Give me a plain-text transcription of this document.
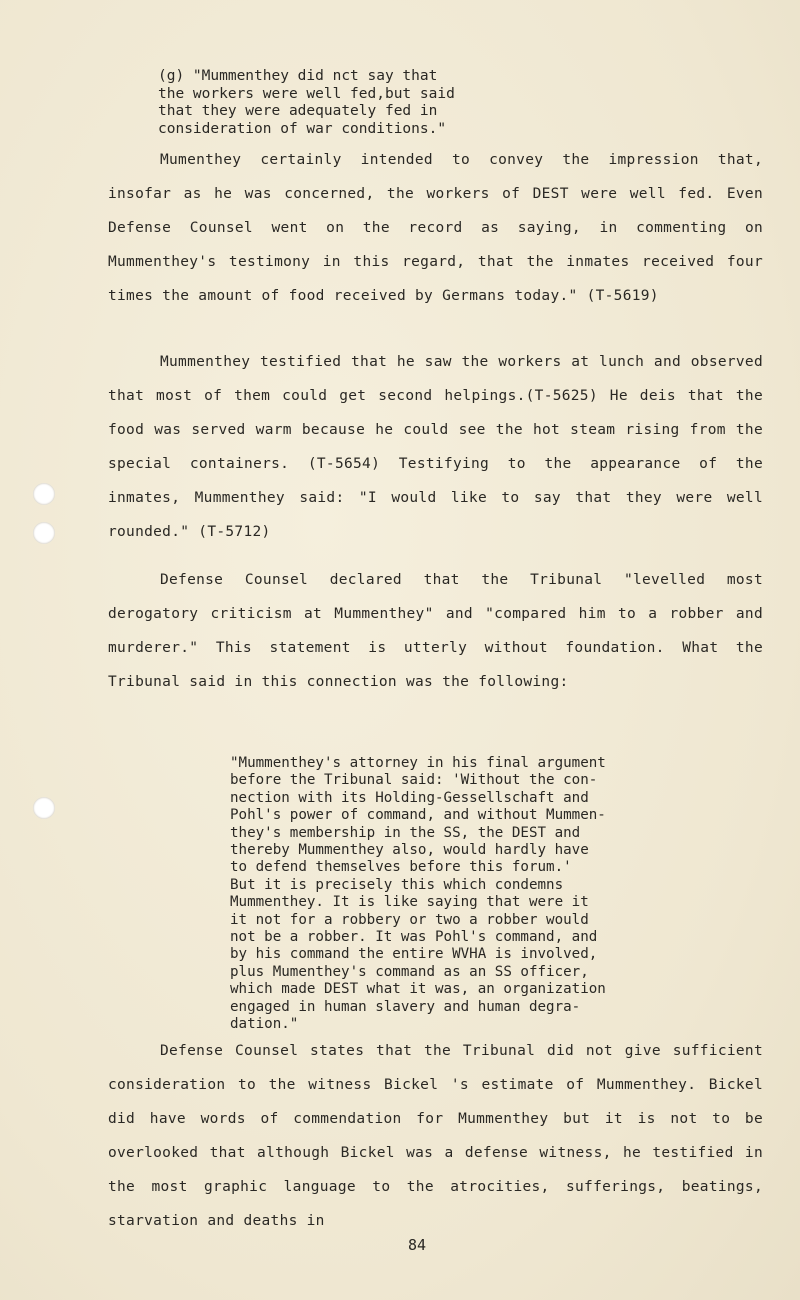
(g) "Mummenthey did nct say that
the workers were well fed,but said
that they were adequately fed in
consideration of war conditions."

Mumenthey certainly intended to convey the impression that, insofar as he was concerned, the workers of DEST were well fed. Even Defense Counsel went on the record as saying, in commenting on Mummenthey's testimony in this regard, that the inmates received four times the amount of food received by Germans today." (T-5619)

Mummenthey testified that he saw the workers at lunch and observed that most of them could get second helpings.(T-5625) He deis that the food was served warm because he could see the hot steam rising from the special containers. (T-5654) Testifying to the appearance of the inmates, Mummenthey said: "I would like to say that they were well rounded." (T-5712)

Defense Counsel declared that the Tribunal "levelled most derogatory criticism at Mummenthey" and "compared him to a robber and murderer." This statement is utterly without foundation. What the Tribunal said in this connection was the following:

"Mummenthey's attorney in his final argument
before the Tribunal said: 'Without the con-
nection with its Holding-Gessellschaft and
Pohl's power of command, and without Mummen-
they's membership in the SS, the DEST and
thereby Mummenthey also, would hardly have
to defend themselves before this forum.'
But it is precisely this which condemns
Mummenthey. It is like saying that were it
it not for a robbery or two a robber would
not be a robber. It was Pohl's command, and
by his command the entire WVHA is involved,
plus Mumenthey's command as an SS officer,
which made DEST what it was, an organization
engaged in human slavery and human degra-
dation."

Defense Counsel states that the Tribunal did not give sufficient consideration to the witness Bickel 's estimate of Mummenthey. Bickel did have words of commendation for Mummenthey but it is not to be overlooked that although Bickel was a defense witness, he testified in the most graphic language to the atrocities, sufferings, beatings, starvation and deaths in

84
